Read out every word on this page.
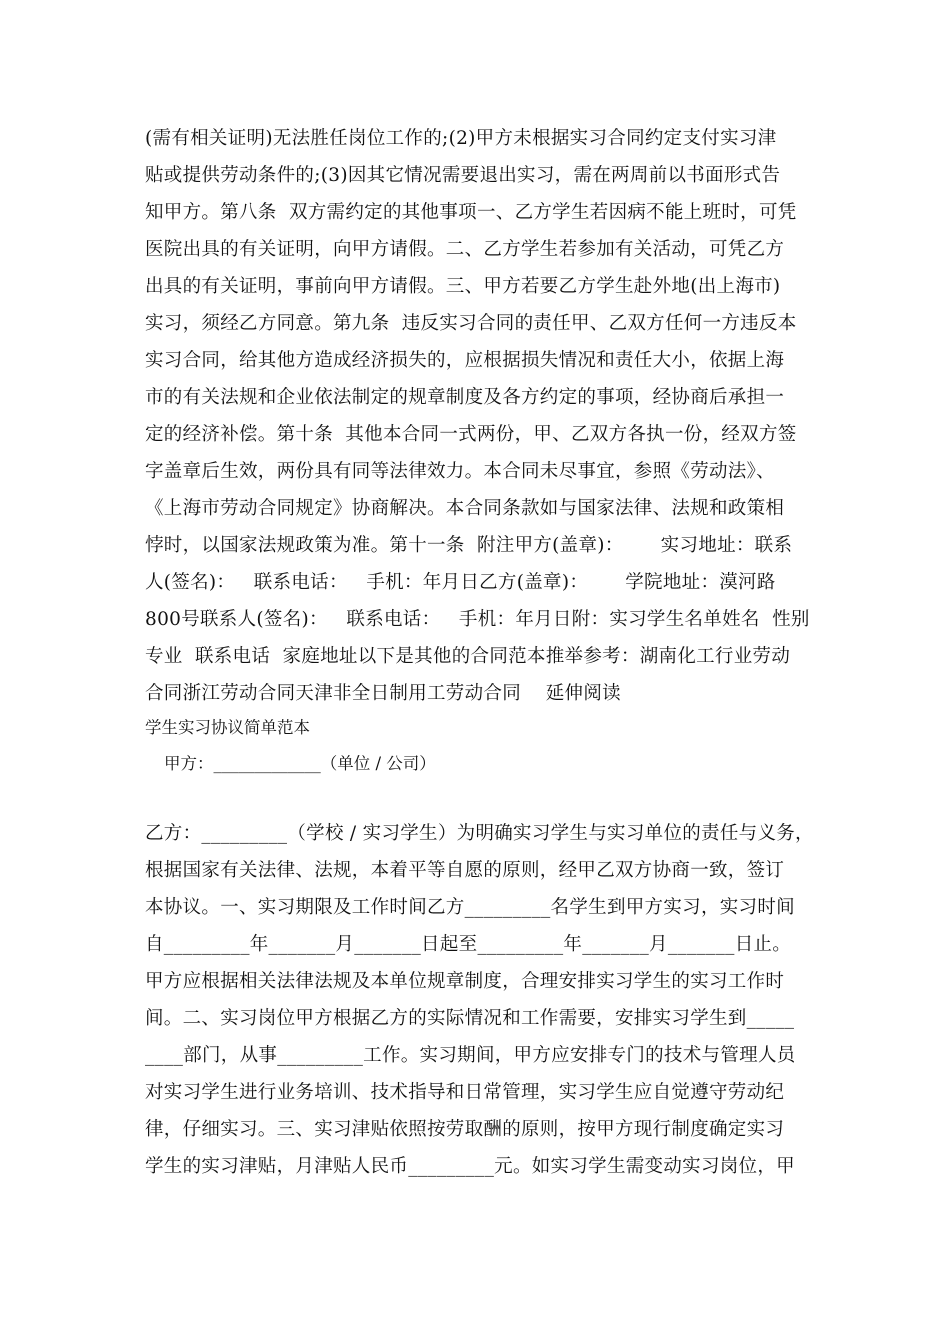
(需有相关证明)无法胜任岗位工作的;(2)甲方未根据实习合同约定支付实习津
贴或提供劳动条件的;(3)因其它情况需要退出实习，需在两周前以书面形式告
知甲方。第八条  双方需约定的其他事项一、乙方学生若因病不能上班时，可凭
医院出具的有关证明，向甲方请假。二、乙方学生若参加有关活动，可凭乙方
出具的有关证明，事前向甲方请假。三、甲方若要乙方学生赴外地(出上海市)
实习，须经乙方同意。第九条  违反实习合同的责任甲、乙双方任何一方违反本
实习合同，给其他方造成经济损失的，应根据损失情况和责任大小，依据上海
市的有关法规和企业依法制定的规章制度及各方约定的事项，经协商后承担一
定的经济补偿。第十条  其他本合同一式两份，甲、乙双方各执一份，经双方签
字盖章后生效，两份具有同等法律效力。本合同未尽事宜，参照《劳动法》、
《上海市劳动合同规定》协商解决。本合同条款如与国家法律、法规和政策相
悖时，以国家法规政策为准。第十一条  附注甲方(盖章)：      实习地址：联系
人(签名)：   联系电话：   手机：年月日乙方(盖章)：      学院地址：漠河路
800号联系人(签名)：   联系电话：   手机：年月日附：实习学生名单姓名  性别
专业  联系电话  家庭地址以下是其他的合同范本推举参考：湖南化工行业劳动
合同浙江劳动合同天津非全日制用工劳动合同    延伸阅读
学生实习协议简单范本
甲方：_____________（单位 / 公司）
乙方：_________（学校 / 实习学生）为明确实习学生与实习单位的责任与义务，
根据国家有关法律、法规，本着平等自愿的原则，经甲乙双方协商一致，签订
本协议。一、实习期限及工作时间乙方_________名学生到甲方实习，实习时间
自_________年_______月_______日起至_________年_______月_______日止。
甲方应根据相关法律法规及本单位规章制度，合理安排实习学生的实习工作时
间。二、实习岗位甲方根据乙方的实际情况和工作需要，安排实习学生到_____
____部门，从事_________工作。实习期间，甲方应安排专门的技术与管理人员
对实习学生进行业务培训、技术指导和日常管理，实习学生应自觉遵守劳动纪
律，仔细实习。三、实习津贴依照按劳取酬的原则，按甲方现行制度确定实习
学生的实习津贴，月津贴人民币_________元。如实习学生需变动实习岗位，甲
